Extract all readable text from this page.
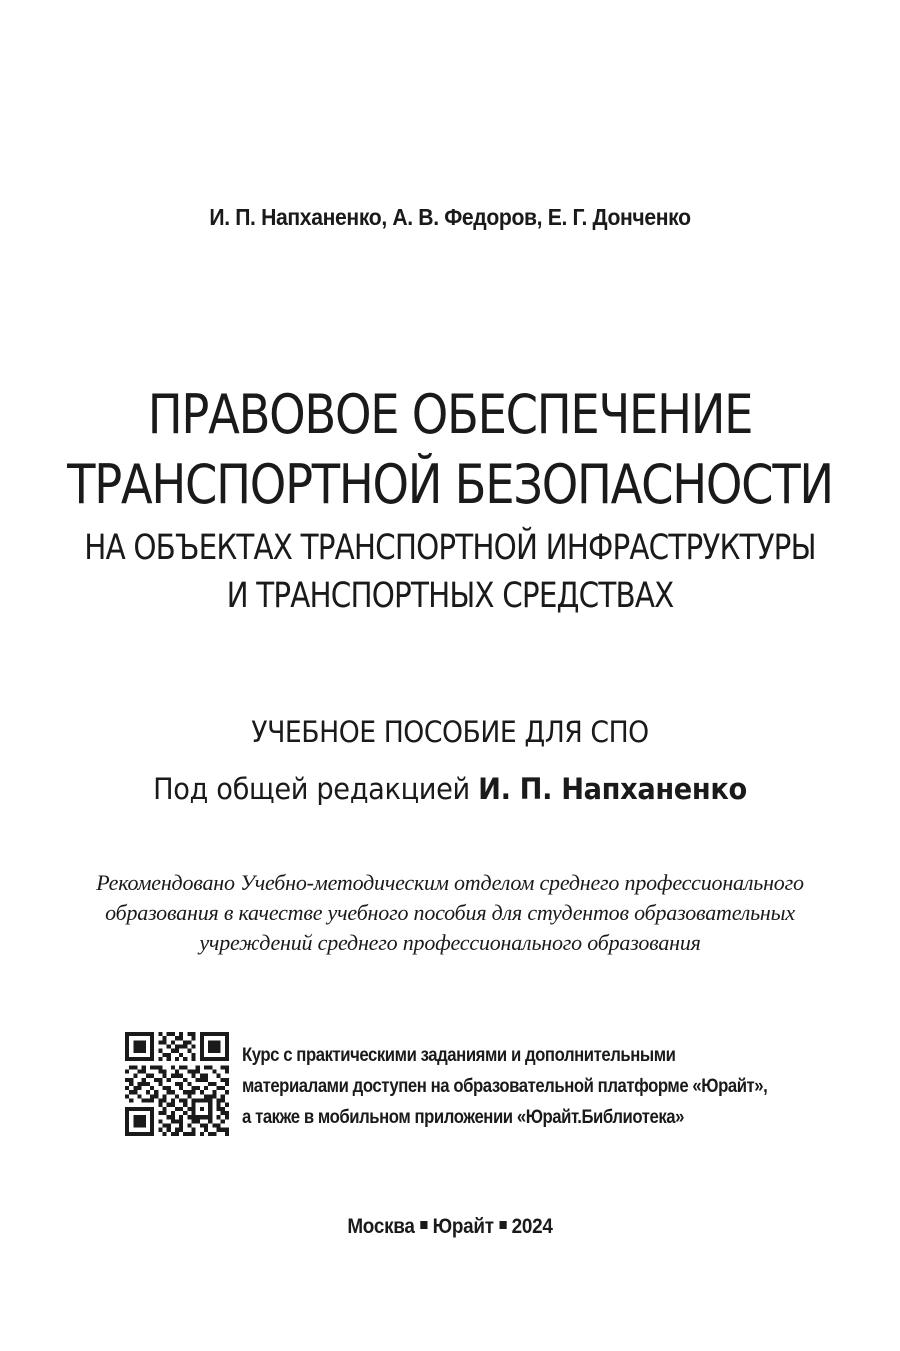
И. П. Напханенко, А. В. Федоров, Е. Г. Донченко
ПРАВОВОЕ ОБЕСПЕЧЕНИЕ
ТРАНСПОРТНОЙ БЕЗОПАСНОСТИ
НА ОБЪЕКТАХ ТРАНСПОРТНОЙ ИНФРАСТРУКТУРЫ
И ТРАНСПОРТНЫХ СРЕДСТВАХ
УЧЕБНОЕ ПОСОБИЕ ДЛЯ СПО
Под общей редакцией И. П. Напханенко
Рекомендовано Учебно-методическим отделом среднего профессионального
образования в качестве учебного пособия для студентов образовательных
учреждений среднего профессионального образования
Курс с практическими заданиями и дополнительными
материалами доступен на образовательной платформе «Юрайт»,
а также в мобильном приложении «Юрайт.Библиотека»
Москва Юрайт 2024
